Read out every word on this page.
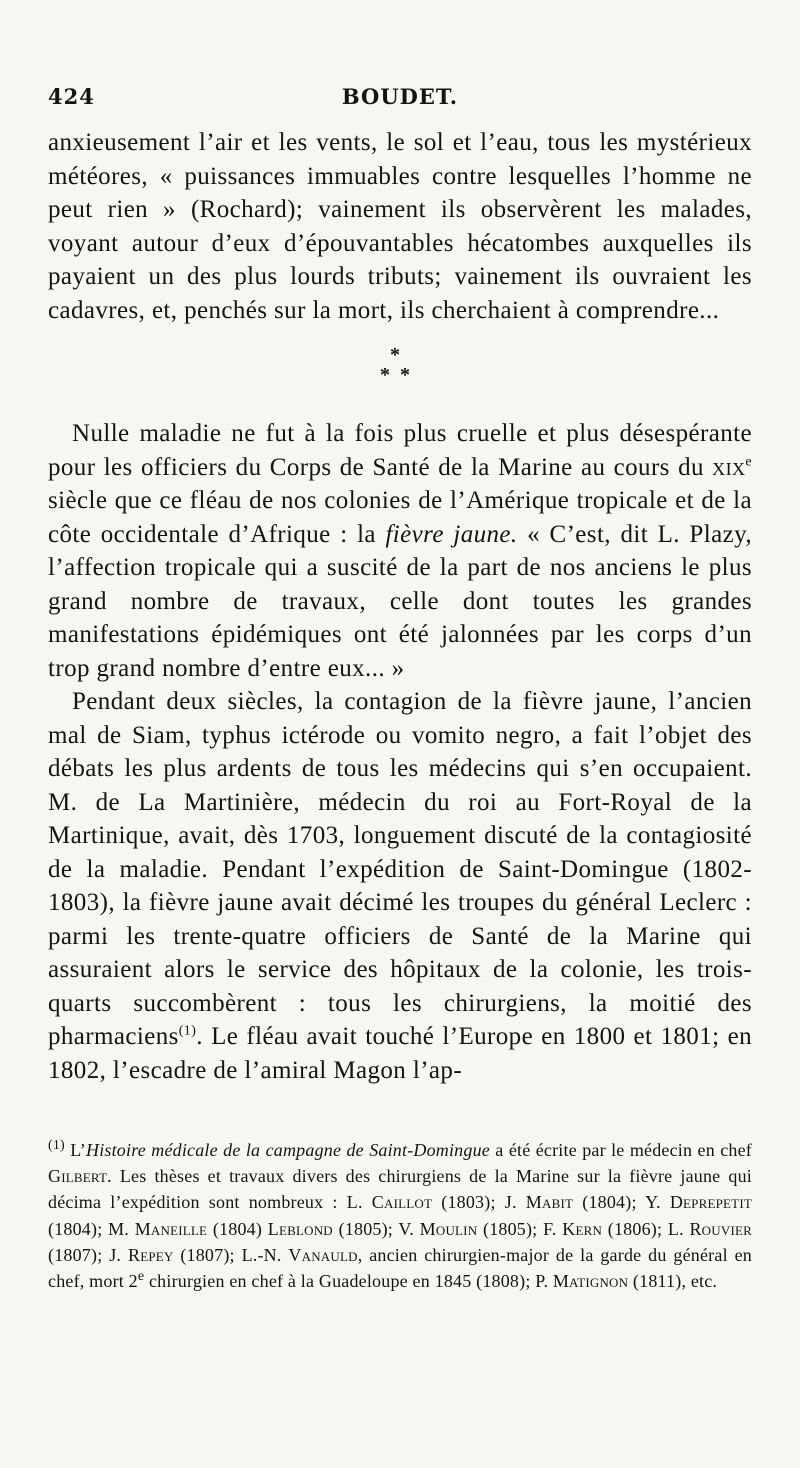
424	BOUDET.

anxieusement l’air et les vents, le sol et l’eau, tous les mystérieux météores, « puissances immuables contre lesquelles l’homme ne peut rien » (Rochard); vainement ils observèrent les malades, voyant autour d’eux d’épouvantables hécatombes auxquelles ils payaient un des plus lourds tributs; vainement ils ouvraient les cadavres, et, penchés sur la mort, ils cherchaient à comprendre...

*
* *

Nulle maladie ne fut à la fois plus cruelle et plus désespérante pour les officiers du Corps de Santé de la Marine au cours du xix$^e$ siècle que ce fléau de nos colonies de l’Amérique tropicale et de la côte occidentale d’Afrique : la fièvre jaune. « C’est, dit L. Plazy, l’affection tropicale qui a suscité de la part de nos anciens le plus grand nombre de travaux, celle dont toutes les grandes manifestations épidémiques ont été jalonnées par les corps d’un trop grand nombre d’entre eux... »

Pendant deux siècles, la contagion de la fièvre jaune, l’ancien mal de Siam, typhus ictérode ou vomito negro, a fait l’objet des débats les plus ardents de tous les médecins qui s’en occupaient. M. de La Martinière, médecin du roi au Fort-Royal de la Martinique, avait, dès 1703, longuement discuté de la contagiosité de la maladie. Pendant l’expédition de Saint-Domingue (1802-1803), la fièvre jaune avait décimé les troupes du général Leclerc : parmi les trente-quatre officiers de Santé de la Marine qui assuraient alors le service des hôpitaux de la colonie, les trois-quarts succombèrent : tous les chirurgiens, la moitié des pharmaciens$^{(1)}$. Le fléau avait touché l’Europe en 1800 et 1801; en 1802, l’escadre de l’amiral Magon l’ap-

$^{(1)}$ L’Histoire médicale de la campagne de Saint-Domingue a été écrite par le médecin en chef Gilbert. Les thèses et travaux divers des chirurgiens de la Marine sur la fièvre jaune qui décima l’expédition sont nombreux : L. Caillot (1803); J. Mabit (1804); Y. Deprepetit (1804); M. Maneille (1804) Leblond (1805); V. Moulin (1805); F. Kern (1806); L. Rouvier (1807); J. Repey (1807); L.-N. Vanauld, ancien chirurgien-major de la garde du général en chef, mort 2e chirurgien en chef à la Guadeloupe en 1845 (1808); P. Matignon (1811), etc.
